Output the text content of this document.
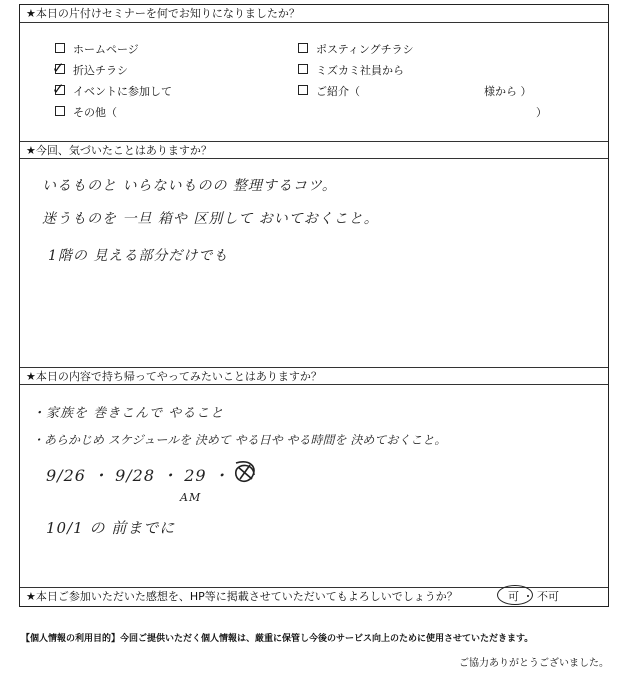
★本日の片付けセミナーを何でお知りになりましたか？
ホームページ	ポスティングチラシ
✓ 折込チラシ	ミズカミ社員から
✓ イベントに参加して	ご紹介（	様から ）
その他（	）
★今回、気づいたことはありますか？
いるものと いらないものの 整理するコツ。
迷うものを 一旦 箱や 区別して おいておくこと。
1階の 見える部分だけでも
★本日の内容で持ち帰ってやってみたいことはありますか？
・家族を 巻きこんで やること
・あらかじめ スケジュールを 決めて やる日や やる時間を 決めておくこと。
9/26 ・ 9/28 ・ 29 ・
AM
10/1 の 前までに
★本日ご参加いただいた感想を、HP等に掲載させていただいてもよろしいでしょうか？	可 ・ 不可
【個人情報の利用目的】今回ご提供いただく個人情報は、厳重に保管し今後のサービス向上のために使用させていただきます。
ご協力ありがとうございました。
